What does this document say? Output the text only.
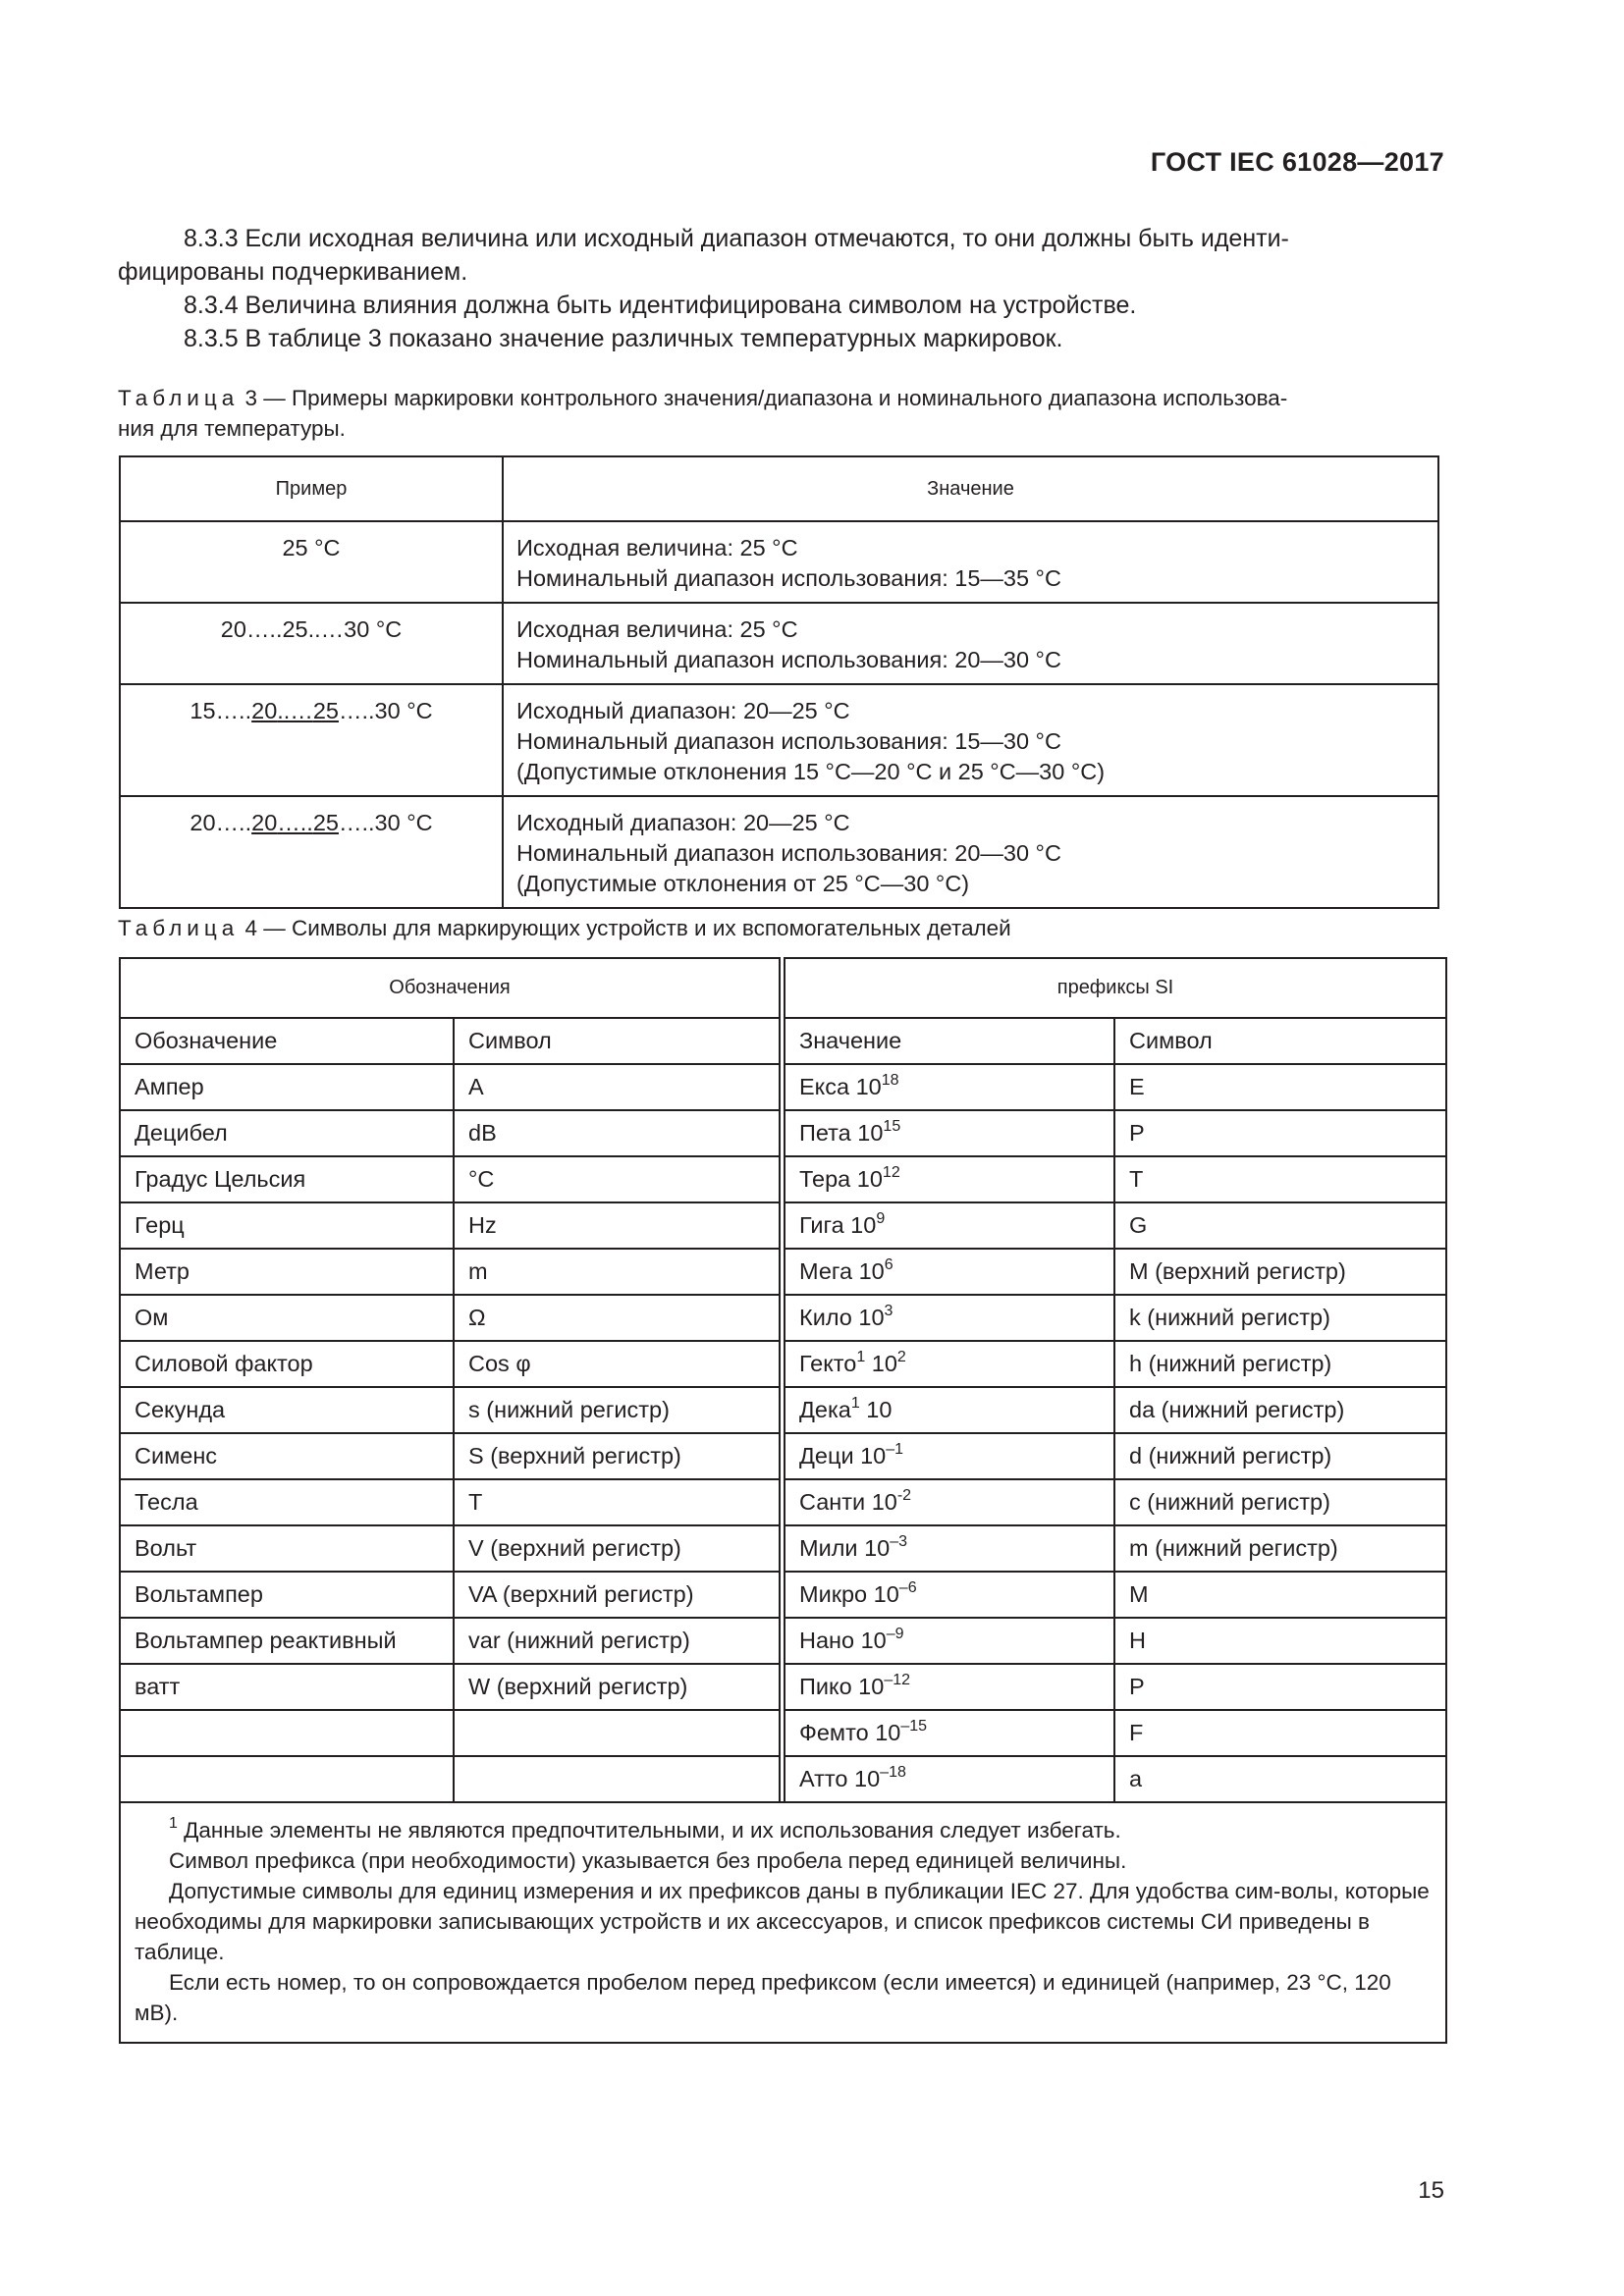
ГОСТ IEC 61028—2017
8.3.3 Если исходная величина или исходный диапазон отмечаются, то они должны быть иденти-
фицированы подчеркиванием.
8.3.4 Величина влияния должна быть идентифицирована символом на устройстве.
8.3.5 В таблице 3 показано значение различных температурных маркировок.
Таблица 3 — Примеры маркировки контрольного значения/диапазона и номинального диапазона использова-
ния для температуры.
Пример	Значение
25 °C	Исходная величина: 25 °C
Номинальный диапазон использования: 15—35 °C

20…..25..…30 °C	Исходная величина: 25 °C
Номинальный диапазон использования: 20—30 °C

15…..20..…25…..30 °C	Исходный диапазон: 20—25 °C
Номинальный диапазон использования: 15—30 °C
(Допустимые отклонения 15 °C—20 °C и 25 °C—30 °C)

20…..20…..25…..30 °C	Исходный диапазон: 20—25 °C
Номинальный диапазон использования: 20—30 °C
(Допустимые отклонения от 25 °C—30 °C)
Таблица 4 — Символы для маркирующих устройств и их вспомогательных деталей
Обозначения			префиксы SI	
Обозначение	Символ		Значение	Символ
Ампер	A		Екса $10^{18}$	E
Децибел	dB		Пета $10^{15}$	P
Градус Цельсия	°C		Тера $10^{12}$	T
Герц	Hz		Гига $10^9$	G
Метр	m		Мега $10^6$	M (верхний регистр)
Ом	Ω		Кило $10^3$	k (нижний регистр)
Силовой фактор	Cos φ		Гекто$^1$ $10^2$	h (нижний регистр)
Секунда	s (нижний регистр)		Дека$^1$ 10	da (нижний регистр)
Сименс	S (верхний регистр)		Деци $10^{-1}$	d (нижний регистр)
Тесла	T		Санти $10^{-2}$	c (нижний регистр)
Вольт	V (верхний регистр)		Мили $10^{-3}$	m (нижний регистр)
Вольтампер	VA (верхний регистр)		Микро $10^{-6}$	M
Вольтампер реактивный	var (нижний регистр)		Нано $10^{-9}$	H
ватт	W (верхний регистр)		Пико $10^{-12}$	P
			Фемто $10^{-15}$	F
			Атто $10^{-18}$	a

$^1$ Данные элементы не являются предпочтительными, и их использования следует избегать.
Символ префикса (при необходимости) указывается без пробела перед единицей величины.
Допустимые символы для единиц измерения и их префиксов даны в публикации IEC 27. Для удобства сим-волы, которые необходимы для маркировки записывающих устройств и их аксессуаров, и список префиксов системы СИ приведены в таблице.
Если есть номер, то он сопровождается пробелом перед префиксом (если имеется) и единицей (например, 23 °C, 120 мВ).				
15
